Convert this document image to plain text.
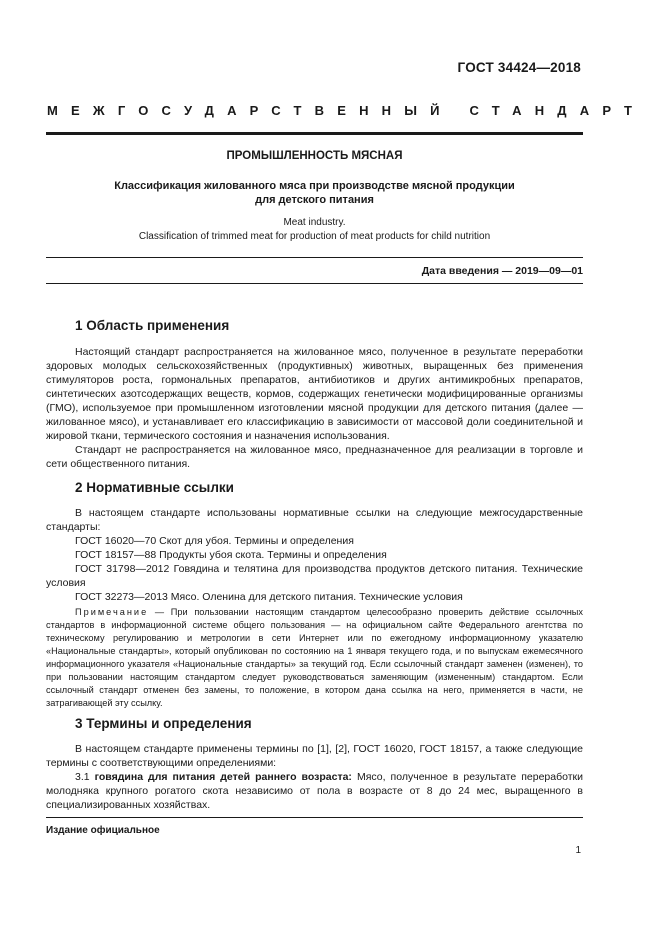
ГОСТ 34424—2018
МЕЖГОСУДАРСТВЕННЫЙ СТАНДАРТ
ПРОМЫШЛЕННОСТЬ МЯСНАЯ
Классификация жилованного мяса при производстве мясной продукции
для детского питания
Meat industry.
Classification of trimmed meat for production of meat products for child nutrition
Дата введения — 2019—09—01
1 Область применения

Настоящий стандарт распространяется на жилованное мясо, полученное в результате переработки здоровых молодых сельскохозяйственных (продуктивных) животных, выращенных без применения стимуляторов роста, гормональных препаратов, антибиотиков и других антимикробных препаратов, синтетических азотсодержащих веществ, кормов, содержащих генетически модифицированные организмы (ГМО), используемое при промышленном изготовлении мясной продукции для детского питания (далее — жилованное мясо), и устанавливает его классификацию в зависимости от массовой доли соединительной и жировой ткани, термического состояния и назначения использования.

Стандарт не распространяется на жилованное мясо, предназначенное для реализации в торговле и сети общественного питания.

2 Нормативные ссылки

В настоящем стандарте использованы нормативные ссылки на следующие межгосударственные стандарты:

ГОСТ 16020—70 Скот для убоя. Термины и определения
ГОСТ 18157—88 Продукты убоя скота. Термины и определения

ГОСТ 31798—2012 Говядина и телятина для производства продуктов детского питания. Технические условия

ГОСТ 32273—2013 Мясо. Оленина для детского питания. Технические условия

Примечание — При пользовании настоящим стандартом целесообразно проверить действие ссылочных стандартов в информационной системе общего пользования — на официальном сайте Федерального агентства по техническому регулированию и метрологии в сети Интернет или по ежегодному информационному указателю «Национальные стандарты», который опубликован по состоянию на 1 января текущего года, и по выпускам ежемесячного информационного указателя «Национальные стандарты» за текущий год. Если ссылочный стандарт заменен (изменен), то при пользовании настоящим стандартом следует руководствоваться заменяющим (измененным) стандартом. Если ссылочный стандарт отменен без замены, то положение, в котором дана ссылка на него, применяется в части, не затрагивающей эту ссылку.

3 Термины и определения

В настоящем стандарте применены термины по [1], [2], ГОСТ 16020, ГОСТ 18157, а также следующие термины с соответствующими определениями:

3.1 говядина для питания детей раннего возраста: Мясо, полученное в результате переработки молодняка крупного рогатого скота независимо от пола в возрасте от 8 до 24 мес, выращенного в специализированных хозяйствах.

Издание официальное
1
